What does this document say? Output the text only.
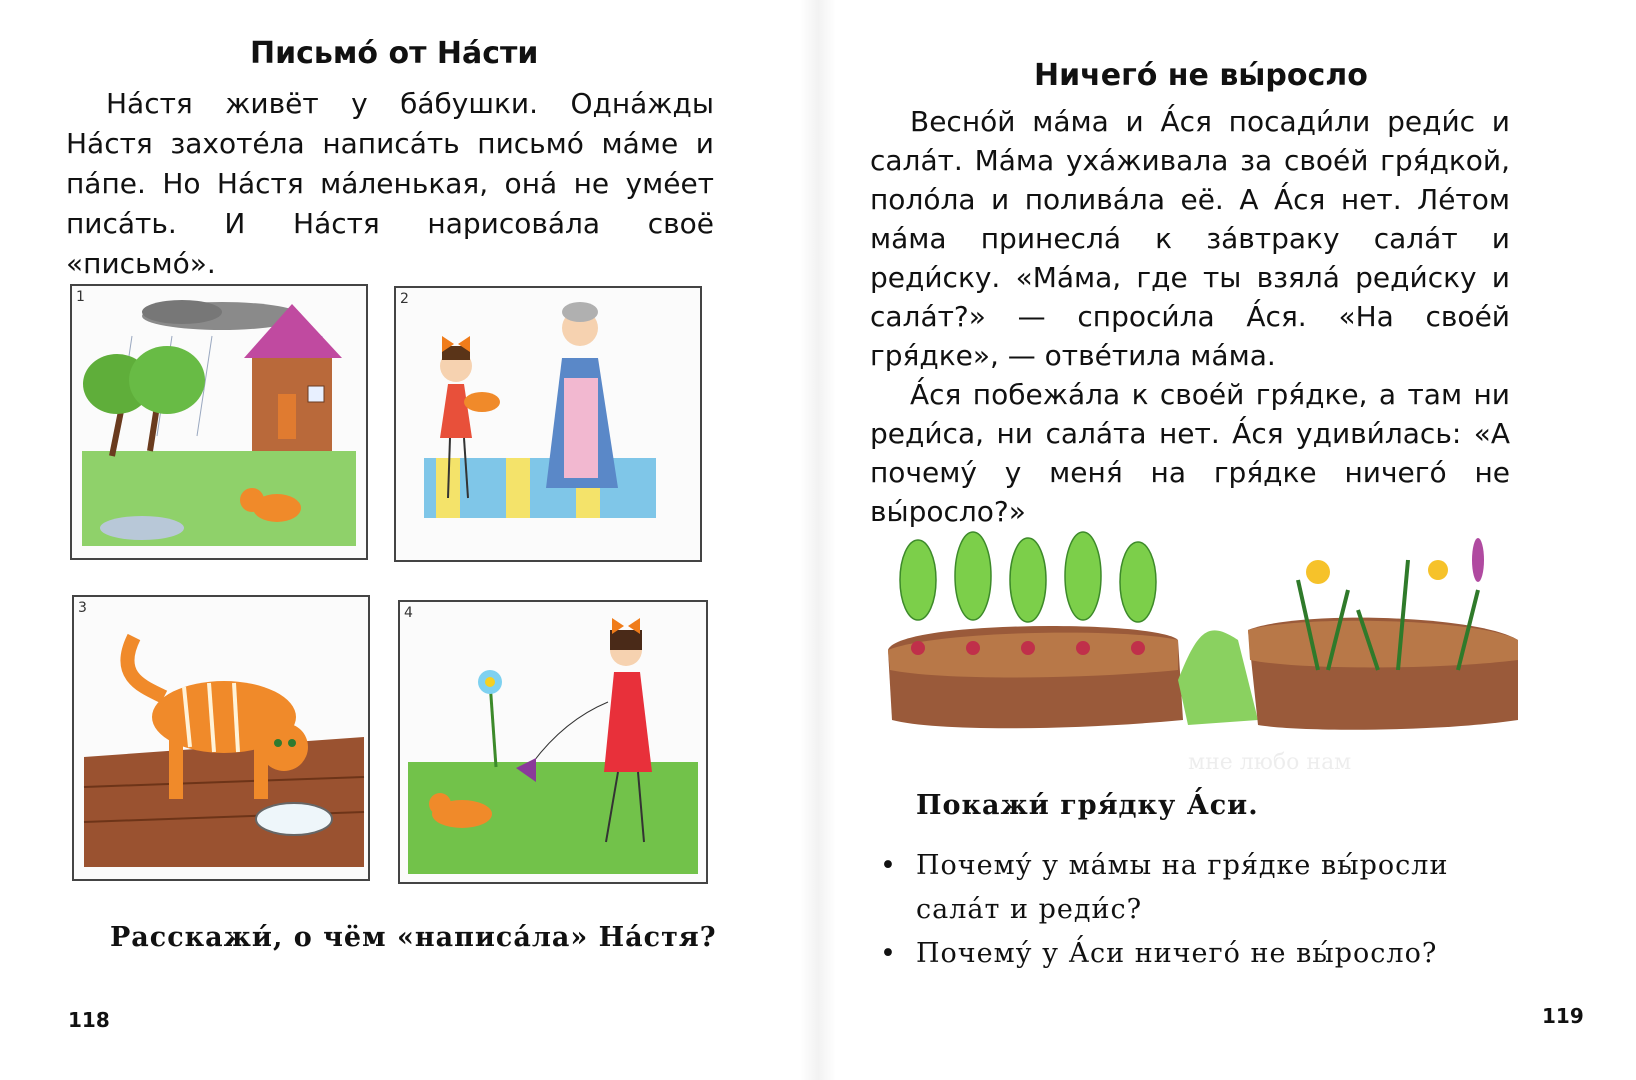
Письмо́ от На́сти

На́стя живёт у ба́бушки. Одна́жды На́стя захоте́ла написа́ть письмо́ ма́ме и па́пе. Но На́стя ма́ленькая, она́ не уме́ет писа́ть. И На́стя нарисова́ла своё «письмо́».

1	2
3	4
Расскажи́, о чём «написа́ла» На́стя?
118
мне любо нам
Ничего́ не вы́росло

Весно́й ма́ма и А́ся посади́ли реди́с и сала́т. Ма́ма уха́живала за свое́й гря́дкой, поло́ла и полива́ла её. А А́ся нет. Ле́том ма́ма принесла́ к за́втраку сала́т и реди́ску. «Ма́ма, где ты взяла́ реди́ску и сала́т?» — спроси́ла А́ся. «На свое́й гря́дке», — отве́тила ма́ма.

А́ся побежа́ла к свое́й гря́дке, а там ни реди́са, ни сала́та нет. А́ся удиви́лась: «А почему́ у меня́ на гря́дке ничего́ не вы́росло?»

Покажи́ гря́дку А́си.
• Почему́ у ма́мы на гря́дке вы́росли сала́т и реди́с?
• Почему́ у А́си ничего́ не вы́росло?
119
